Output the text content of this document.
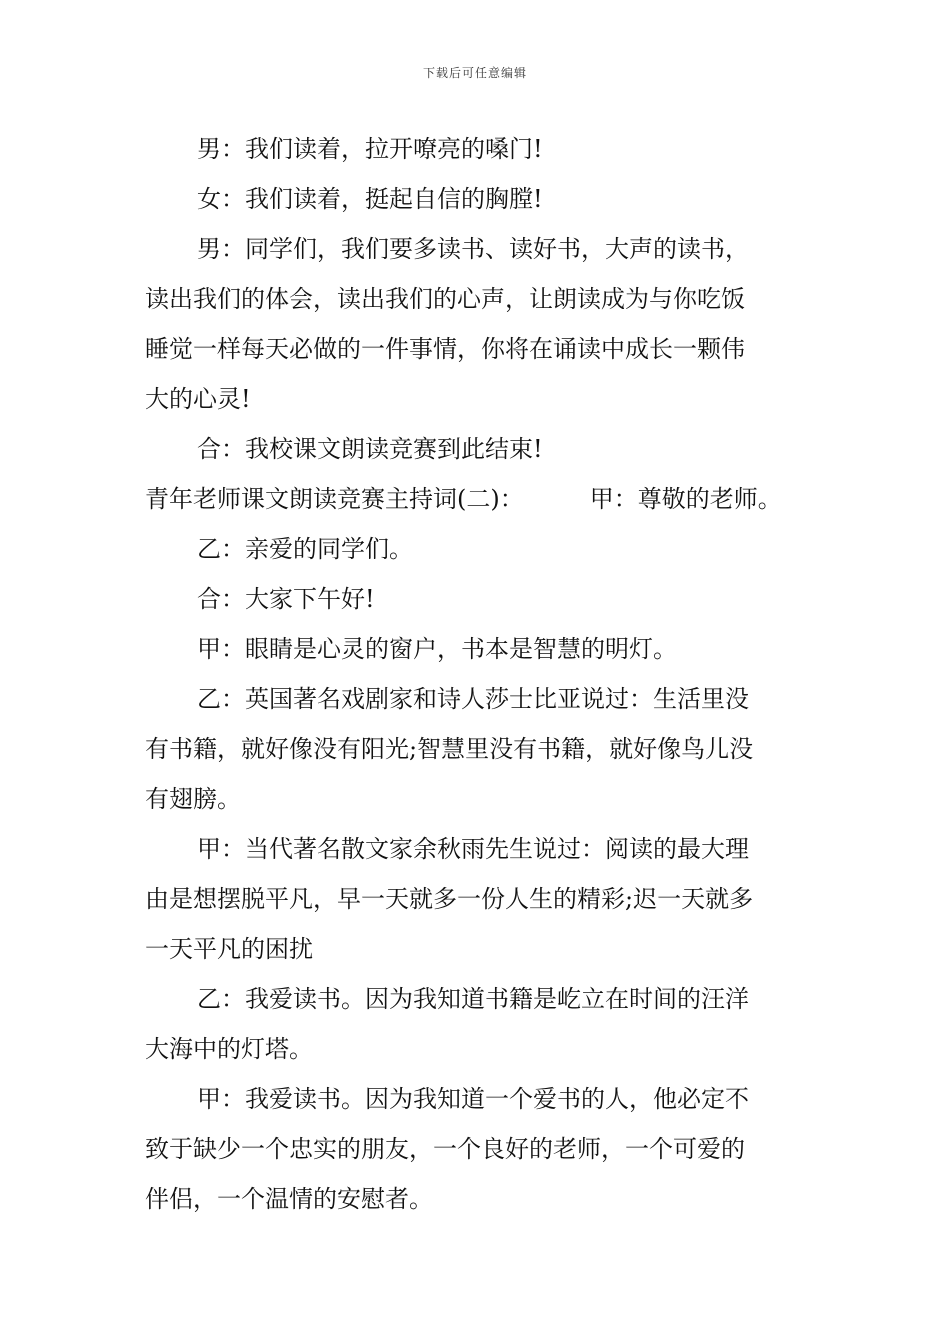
下载后可任意编辑
男：我们读着，拉开嘹亮的嗓门!
女：我们读着，挺起自信的胸膛!
男：同学们，我们要多读书、读好书，大声的读书，
读出我们的体会，读出我们的心声，让朗读成为与你吃饭
睡觉一样每天必做的一件事情，你将在诵读中成长一颗伟
大的心灵!
合：我校课文朗读竞赛到此结束!
青年老师课文朗读竞赛主持词(二)：	甲：尊敬的老师。
乙：亲爱的同学们。
合：大家下午好!
甲：眼睛是心灵的窗户，书本是智慧的明灯。
乙：英国著名戏剧家和诗人莎士比亚说过：生活里没
有书籍，就好像没有阳光;智慧里没有书籍，就好像鸟儿没
有翅膀。
甲：当代著名散文家余秋雨先生说过：阅读的最大理
由是想摆脱平凡，早一天就多一份人生的精彩;迟一天就多
一天平凡的困扰
乙：我爱读书。因为我知道书籍是屹立在时间的汪洋
大海中的灯塔。
甲：我爱读书。因为我知道一个爱书的人，他必定不
致于缺少一个忠实的朋友，一个良好的老师，一个可爱的
伴侣，一个温情的安慰者。
